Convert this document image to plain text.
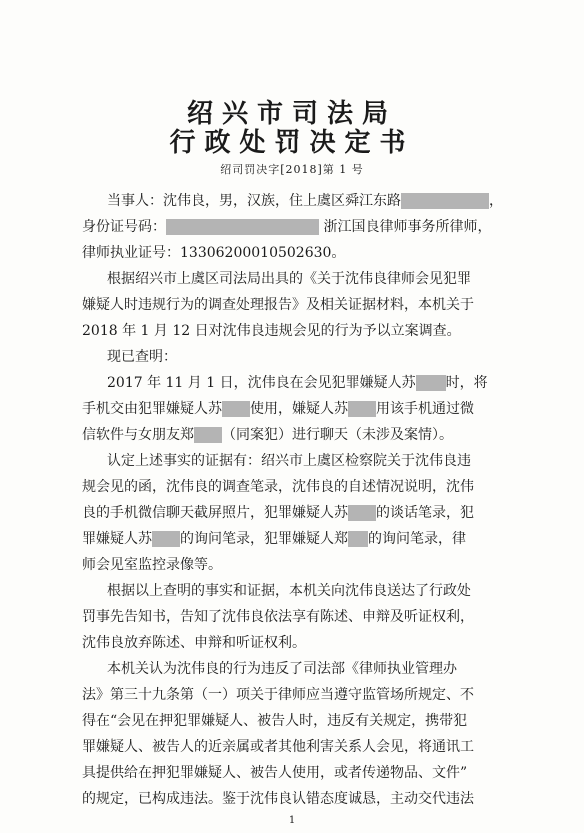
绍兴市司法局
行政处罚决定书
绍司罚决字[2018]第 1 号
当事人：沈伟良，男，汉族，住上虞区舜江东路	，
身份证号码：	浙江国良律师事务所律师，
律师执业证号：13306200010502630。
根据绍兴市上虞区司法局出具的《关于沈伟良律师会见犯罪
嫌疑人时违规行为的调查处理报告》及相关证据材料，本机关于
2018 年 1 月 12 日对沈伟良违规会见的行为予以立案调查。
现已查明：
2017 年 11 月 1 日，沈伟良在会见犯罪嫌疑人苏 时，将
手机交由犯罪嫌疑人苏 使用，嫌疑人苏 用该手机通过微
信软件与女朋友郑 （同案犯）进行聊天（未涉及案情）。
认定上述事实的证据有：绍兴市上虞区检察院关于沈伟良违
规会见的函，沈伟良的调查笔录，沈伟良的自述情况说明，沈伟
良的手机微信聊天截屏照片，犯罪嫌疑人苏 的谈话笔录，犯
罪嫌疑人苏 的询问笔录，犯罪嫌疑人郑 的询问笔录，律
师会见室监控录像等。
根据以上查明的事实和证据，本机关向沈伟良送达了行政处
罚事先告知书，告知了沈伟良依法享有陈述、申辩及听证权利，
沈伟良放弃陈述、申辩和听证权利。
本机关认为沈伟良的行为违反了司法部《律师执业管理办
法》第三十九条第（一）项关于律师应当遵守监管场所规定、不
得在“会见在押犯罪嫌疑人、被告人时，违反有关规定，携带犯
罪嫌疑人、被告人的近亲属或者其他利害关系人会见，将通讯工
具提供给在押犯罪嫌疑人、被告人使用，或者传递物品、文件”
的规定，已构成违法。鉴于沈伟良认错态度诚恳，主动交代违法
1
